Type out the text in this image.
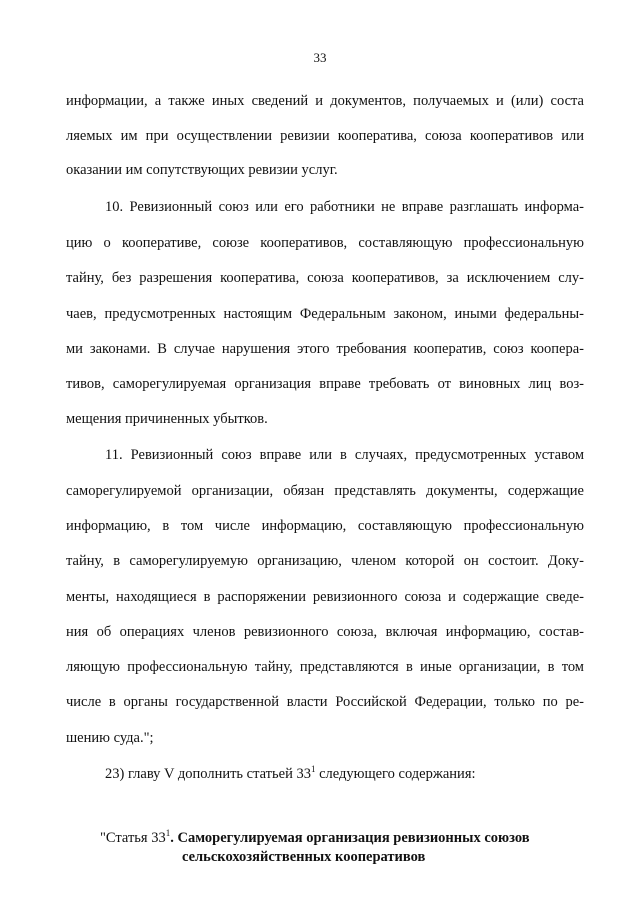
33
информации, а также иных сведений и документов, получаемых и (или) соста
ляемых им при осуществлении ревизии кооператива, союза кооперативов или
оказании им сопутствующих ревизии услуг.
10. Ревизионный союз или его работники не вправе разглашать информа-
цию о кооперативе, союзе кооперативов, составляющую профессиональную
тайну, без разрешения кооператива, союза кооперативов, за исключением слу-
чаев, предусмотренных настоящим Федеральным законом, иными федеральны-
ми законами. В случае нарушения этого требования кооператив, союз коопера-
тивов, саморегулируемая организация вправе требовать от виновных лиц воз-
мещения причиненных убытков.
11. Ревизионный союз вправе или в случаях, предусмотренных уставом
саморегулируемой организации, обязан представлять документы, содержащие
информацию, в том числе информацию, составляющую профессиональную
тайну, в саморегулируемую организацию, членом которой он состоит. Доку-
менты, находящиеся в распоряжении ревизионного союза и содержащие сведе-
ния об операциях членов ревизионного союза, включая информацию, состав-
ляющую профессиональную тайну, представляются в иные организации, в том
числе в органы государственной власти Российской Федерации, только по ре-
шению суда.";
23) главу V дополнить статьей $33^1$ следующего содержания:
"Статья $33^1$. Саморегулируемая организация ревизионных союзов
сельскохозяйственных кооперативов
